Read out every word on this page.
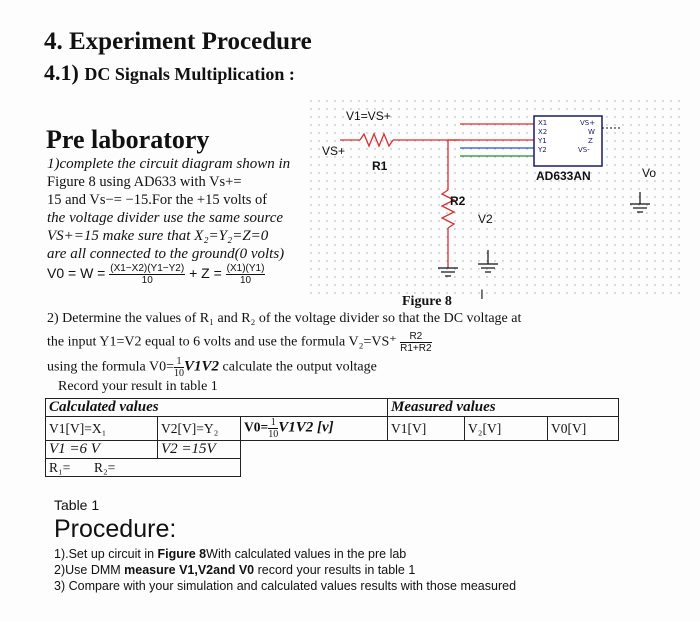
4. Experiment Procedure
4.1) DC Signals Multiplication :
Pre laboratory
1)complete the circuit diagram shown in
Figure 8 using AD633 with Vs+=
15 and Vs−= −15.For the +15 volts of
the voltage divider use the same source
VS+=15 make sure that X₂=Y₂=Z=0
are all connected to the ground(0 volts)
$V0 = W = \frac{(X1-X2)(Y1-Y2)}{10} + Z = \frac{(X1)(Y1)}{10}$
X1
X2
Y1
Y2
VS+
W
Z
VS-
V1=VS+
VS+
R1
R2
V2
AD633AN	Vo
Figure 8 I
2) Determine the values of R₁ and R₂ of the voltage divider so that the DC voltage at
the input Y1=V2 equal to 6 volts and use the formula $V_2=VS^+ \frac{R2}{R1+R2}$
using the formula $V0= \frac{1}{10}V1V2$ calculate the output voltage
Record your result in table 1
Calculated values			Measured values		
V1[V]=X₁	V2[V]=Y₂	$V0= \frac{1}{10}V1V2$ [v]	V1[V]	V₂[V]	V0[V]
V1 =6 V	V2 =15V				
R₁= R₂=					
Table 1
Procedure:
1).Set up circuit in Figure 8With calculated values in the pre lab
2)Use DMM measure V1,V2and V0 record your results in table 1
3) Compare with your simulation and calculated values results with those measured
